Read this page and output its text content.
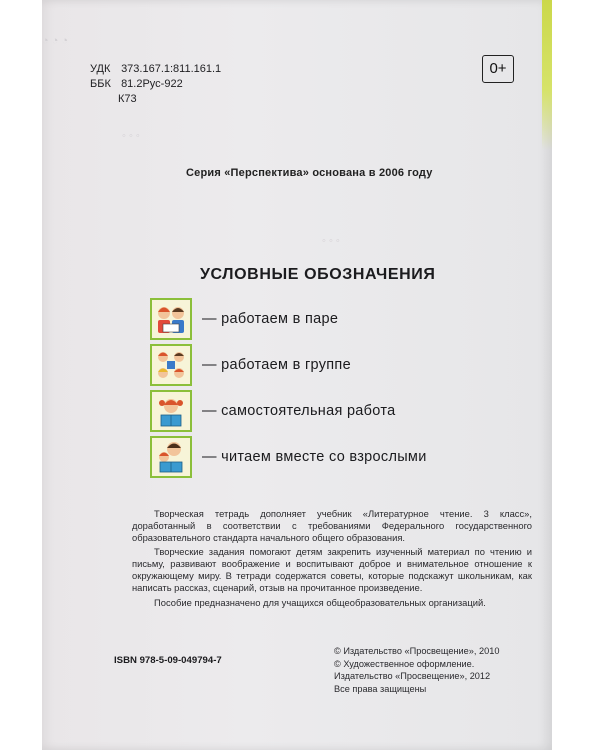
◔ ◔ ◔
◦ ◦ ◦
◦ ◦ ◦
УДК 373.167.1:811.161.1
ББК 81.2Рус-922
К73
0+
Серия «Перспектива» основана в 2006 году
УСЛОВНЫЕ ОБОЗНАЧЕНИЯ
— работаем в паре
— работаем в группе
— самостоятельная работа
— читаем вместе со взрослыми

Творческая тетрадь дополняет учебник «Литературное чтение. 3 класс», доработанный в соответствии с требованиями Федерального государственного образовательного стандарта начального общего образования.

Творческие задания помогают детям закрепить изученный материал по чтению и письму, развивают воображение и воспитывают доброе и внимательное отношение к окружающему миру. В тетради содержатся советы, которые подскажут школьникам, как написать рассказ, сценарий, отзыв на прочитанное произведение.

Пособие предназначено для учащихся общеобразовательных организаций.

ISBN 978-5-09-049794-7
© Издательство «Просвещение», 2010
© Художественное оформление.
Издательство «Просвещение», 2012
Все права защищены
